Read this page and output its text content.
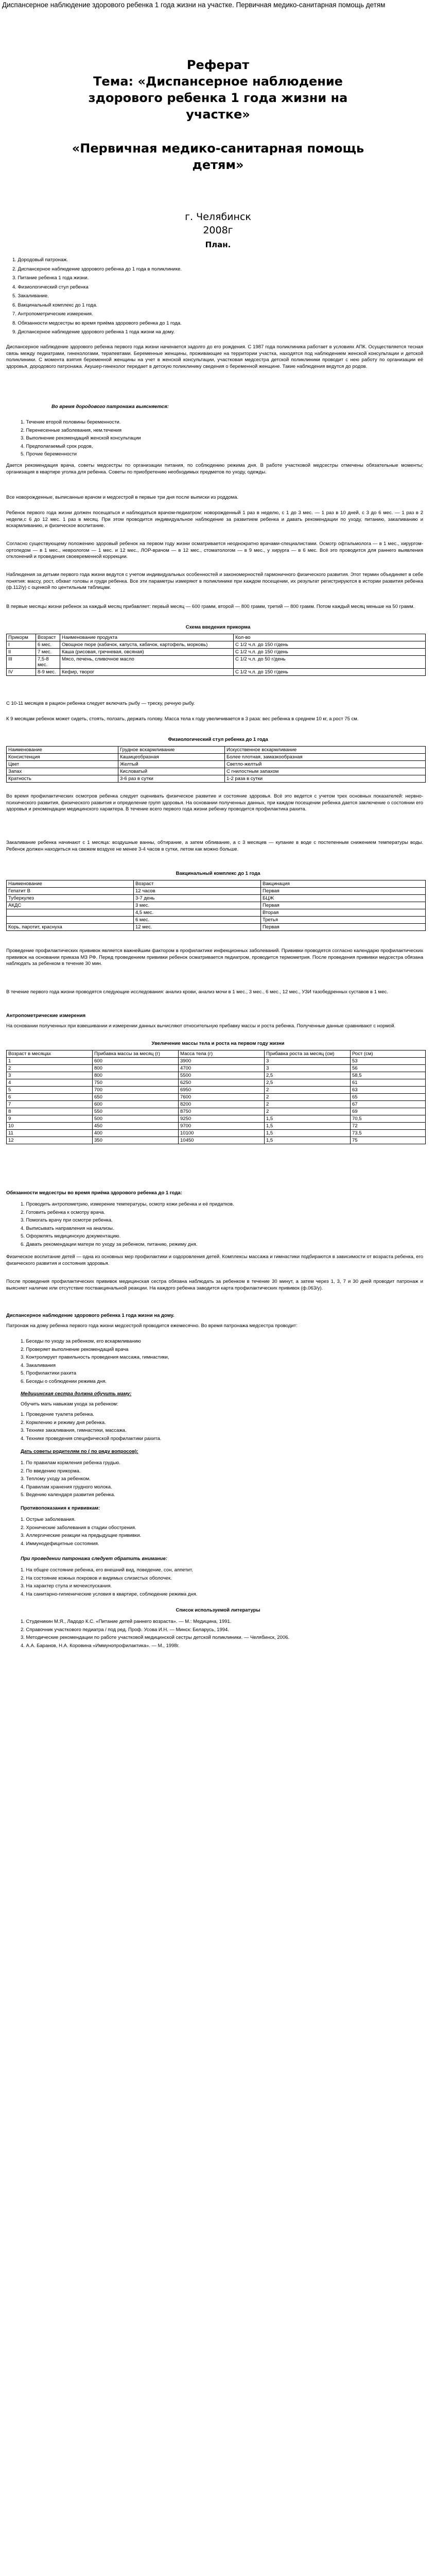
Диспансерное наблюдение здорового ребенка 1 года жизни на участке. Первичная медико-санитарная помощь детям
Реферат
Тема: «Диспансерное наблюдение
здорового ребенка 1 года жизни на
участке»
«Первичная медико-санитарная помощь
детям»
г. Челябинск
2008г
План.
1. Дородовый патронаж.
2. Диспансерное наблюдение здорового ребенка до 1 года в поликлинике.
3. Питание ребенка 1 года жизни.
4. Физиологический стул ребенка
5. Закаливание.
6. Вакцинальный комплекс до 1 года.
7. Антропометрические измерения.
8. Обязанности медсестры во время приёма здорового ребенка до 1 года.
9. Диспансерное наблюдение здорового ребенка 1 года жизни на дому.

Диспансерное наблюдение здорового ребенка первого года жизни начинается задолго до его рождения. С 1987 года поликлиника работает в условиях АПК. Осуществляется тесная связь между педиатрами, гинекологами, терапевтами. Беременные женщины, проживающие на территории участка, находятся под наблюдением женской консультации и детской поликлиники. С момента взятия беременной женщины на учет в женской консультации, участковая медсестра детской поликлиники проводит с нею работу по организации её здоровья, дородового патронажа. Акушер-гинеколог передает в детскую поликлинику сведения о беременной женщине. Такие наблюдения ведутся до родов.

Во время дородового патронажа выясняется:
1. Течение второй половины беременности.
2. Перенесенные заболевания, нем.течения
3. Выполнение рекомендаций женской консультации
4. Предполагаемый срок родов,
5. Прочие беременности

Дается рекомендация врача, советы медсестры по организации питания, по соблюдению режима дня. В работе участковой медсестры отмечены обязательные моменты; организация в квартире уголка для ребенка. Советы по приобретению необходимых предметов по уходу, одежды.

Все новорожденные, выписанные врачом и медсестрой в первые три дня после выписки из роддома.

Ребенок первого года жизни должен посещаться и наблюдаться врачом-педиатром: новорожденный 1 раз в неделю, с 1 до 3 мес. — 1 раз в 10 дней, с 3 до 6 мес. — 1 раз в 2 недели,с 6 до 12 мес. 1 раз в месяц. При этом проводится индивидуальное наблюдение за развитием ребенка и давать рекомендации по уходу, питанию, закаливанию и вскармливанию, и физическое воспитание.

Согласно существующему положению здоровый ребенок на первом году жизни осматривается неоднократно врачами-специалистами. Осмотр офтальмолога — в 1 мес., хирургом-ортопедом — в 1 мес., неврологом — 1 мес. и 12 мес., ЛОР-врачом — в 12 мес., стоматологом — в 9 мес., у хирурга — в 6 мес. Всё это проводится для раннего выявления отклонений и проведения своевременной коррекции.

Наблюдения за детьми первого года жизни ведутся с учетом индивидуальных особенностей и закономерностей гармоничного физического развития. Этот термин объединяет в себе понятия: массу, рост, обхват головы и груди ребенка. Все эти параметры измеряют в поликлинике при каждом посещении, их результат регистрируются в истории развития ребенка (ф.112/у) с оценкой по центильным таблицам.

В первые месяцы жизни ребенок за каждый месяц прибавляет: первый месяц — 600 грамм, второй — 800 грамм, третий — 800 грамм. Потом каждый месяц меньше на 50 грамм.

Схема введения прикорма
Прикорм	Возраст	Наименование продукта	Кол-во
I	6 мес.	Овощное пюре (кабачок, капуста, кабачок, картофель, морковь)	С 1/2 ч.л. до 150 г/день
II	7 мес.	Каша (рисовая, гречневая, овсяная)	С 1/2 ч.л. до 150 г/день
III	7,5-8 мес.	Мясо, печень, сливочное масло	С 1/2 ч.л. до 50 г/день
IV	8-9 мес.	Кефир, творог	С 1/2 ч.л. до 150 г/день

С 10-11 месяцев в рацион ребенка следует включать рыбу — треску, речную рыбу.

К 9 месяцам ребенок может сидеть, стоять, ползать, держать голову. Масса тела к году увеличивается в 3 раза: вес ребенка в среднем 10 кг, а рост 75 см.

Физиологический стул ребенка до 1 года
Наименование	Грудное вскармливание	Искусственное вскармливание
Консистенция	Кашицеобразная	Более плотная, замазкообразная
Цвет	Желтый	Светло-желтый
Запах	Кисловатый	С гнилостным запахом
Кратность	3-6 раз в сутки	1-2 раза в сутки

Во время профилактических осмотров ребенка следует оценивать физическое развитие и состояние здоровья. Всё это ведется с учетом трех основных показателей: нервно-психического развития, физического развития и определение групп здоровья. На основании полученных данных, при каждом посещении ребенка дается заключение о состоянии его здоровья и рекомендации медицинского характера. В течение всего первого года жизни ребенку проводится профилактика рахита.

Закаливание ребенка начинают с 1 месяца: воздушные ванны, обтирание, а затем обливание, а с 3 месяцев — купание в воде с постепенным снижением температуры воды. Ребенок должен находиться на свежем воздухе не менее 3-4 часов в сутки, летом как можно больше.

Вакцинальный комплекс до 1 года
Наименование	Возраст	Вакцинация
Гепатит В	12 часов	Первая
Туберкулез	3-7 день	БЦЖ
АКДС	3 мес.	Первая
	4,5 мес.	Вторая
	6 мес.	Третья
Корь, паротит, краснуха	12 мес.	Первая

Проведение профилактических прививок является важнейшим фактором в профилактике инфекционных заболеваний. Прививки проводятся согласно календарю профилактических прививок на основании приказа МЗ РФ. Перед проведением прививки ребенок осматривается педиатром, проводится термометрия. После проведения прививки медсестра обязана наблюдать за ребенком в течение 30 мин.

В течение первого года жизни проводятся следующие исследования: анализ крови, анализ мочи в 1 мес., 3 мес., 6 мес., 12 мес., УЗИ тазобедренных суставов в 1 мес.

Антропометрические измерения

На основании полученных при взвешивании и измерении данных вычисляют относительную прибавку массы и роста ребенка. Полученные данные сравнивают с нормой.

Увеличение массы тела и роста на первом году жизни
Возраст в месяцах	Прибавка массы за месяц (г)	Масса тела (г)	Прибавка роста за месяц (см)	Рост (см)
1	600	3900	3	53
2	800	4700	3	56
3	800	5500	2,5	58,5
4	750	6250	2,5	61
5	700	6950	2	63
6	650	7600	2	65
7	600	8200	2	67
8	550	8750	2	69
9	500	9250	1,5	70,5
10	450	9700	1,5	72
11	400	10100	1,5	73,5
12	350	10450	1,5	75
Обязанности медсестры во время приёма здорового ребенка до 1 года:
1. Проводить антропометрию, измерение температуры, осмотр кожи ребенка и её придатков.
2. Готовить ребенка к осмотру врача.
3. Помогать врачу при осмотре ребенка.
4. Выписывать направления на анализы.
5. Оформлять медицинскую документацию.
6. Давать рекомендации матери по уходу за ребенком, питанию, режиму дня.

Физическое воспитание детей — одна из основных мер профилактики и оздоровления детей. Комплексы массажа и гимнастики подбираются в зависимости от возраста ребенка, его физического развития и состояния здоровья.

После проведения профилактических прививок медицинская сестра обязана наблюдать за ребенком в течение 30 минут, а затем через 1, 3, 7 и 30 дней проводит патронаж и выясняет наличие или отсутствие поствакцинальной реакции. На каждого ребенка заводится карта профилактических прививок (ф.063/у).

Диспансерное наблюдение здорового ребенка 1 года жизни на дому.

Патронаж на дому ребенка первого года жизни медсестрой проводится ежемесячно. Во время патронажа медсестра проводит:

1. Беседы по уходу за ребенком, его вскармливанию
2. Проверяет выполнение рекомендаций врача
3. Контролирует правильность проведения массажа, гимнастики,
4. Закаливания
5. Профилактики рахита
6. Беседы о соблюдении режима дня.
Медицинская сестра должна обучить маму:
Обучить мать навыкам ухода за ребенком:
1. Проведение туалета ребенка.
2. Кормлению и режиму дня ребенка.
3. Технике закаливания, гимнастики, массажа.
4. Технике проведения специфической профилактики рахита.
Дать советы родителям по ( по ряду вопросов):
1. По правилам кормления ребенка грудью.
2. По введению прикорма.
3. Теплому уходу за ребенком.
4. Правилам хранения грудного молока.
5. Ведению календаря развития ребенка.
Противопоказания к прививкам:
1. Острые заболевания.
2. Хронические заболевания в стадии обострения.
3. Аллергические реакции на предыдущие прививки.
4. Иммунодефицитные состояния.
При проведении патронажа следует обратить внимание:
1. На общее состояние ребенка, его внешний вид, поведение, сон, аппетит.
2. На состояние кожных покровов и видимых слизистых оболочек.
3. На характер стула и мочеиспускания.
4. На санитарно-гигиенические условия в квартире, соблюдение режима дня.
Список используемой литературы
1. Студеникин М.Я., Ладодо К.С. «Питание детей раннего возраста». — М.: Медицина, 1991.
2. Справочник участкового педиатра / под ред. Проф. Усова И.Н. — Минск: Беларусь, 1994.
3. Методические рекомендации по работе участковой медицинской сестры детской поликлиники. — Челябинск, 2006.
4. А.А. Баранов, Н.А. Коровина «Иммунопрофилактика». — М., 1998г.
